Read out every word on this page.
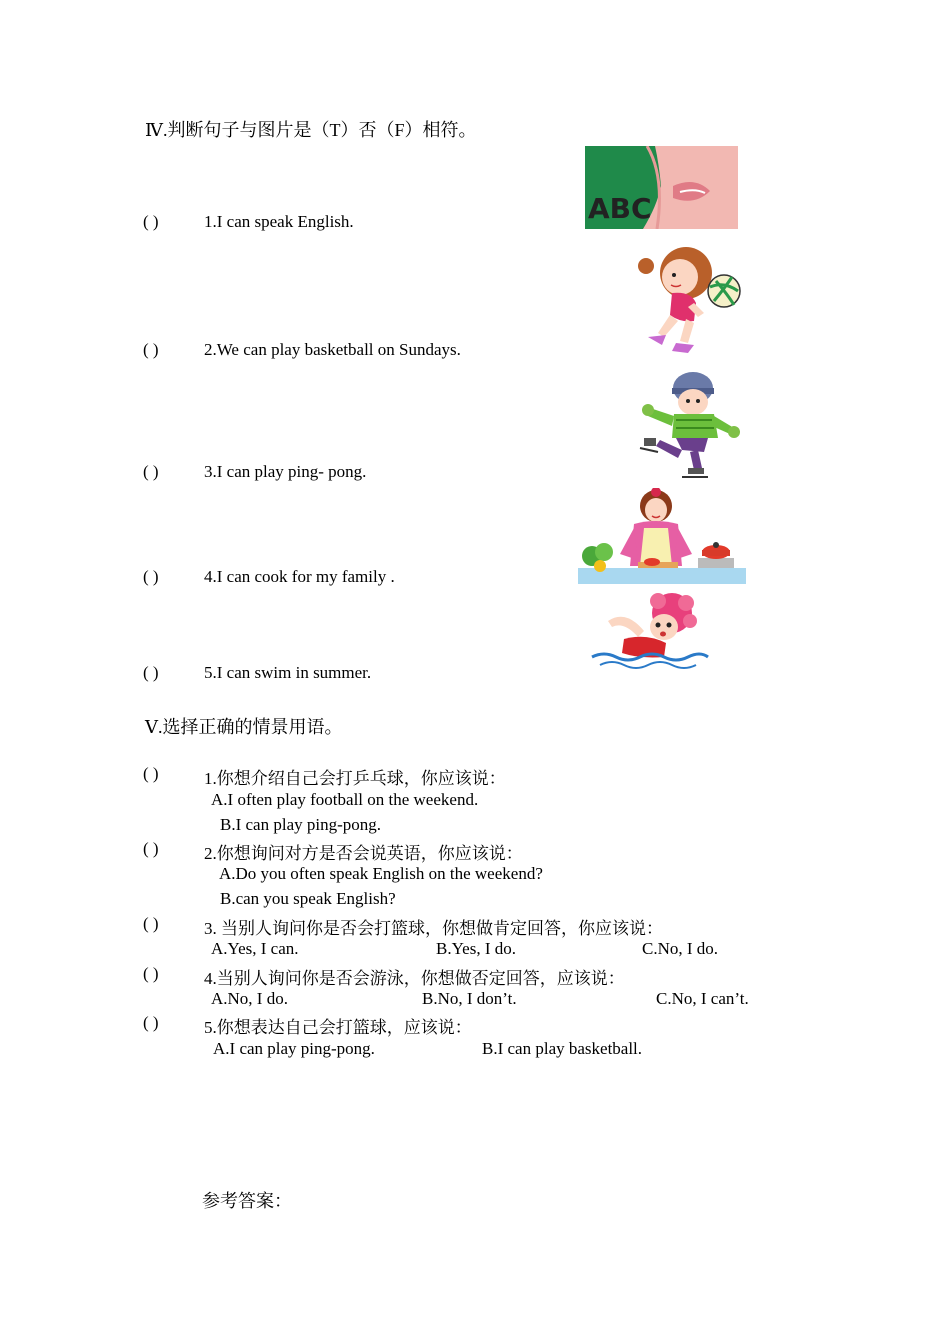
Ⅳ.判断句子与图片是（T）否（F）相符。
( )	1.I can speak English.
( )	2.We can play basketball on Sundays.
( )	3.I can play ping- pong.
( )	4.I can cook for my family .
( )	5.I can swim in summer.
ABC
Ⅴ.选择正确的情景用语。
( )	1.你想介绍自己会打乒乓球，你应该说：
A.I often play football on the weekend.
B.I can play ping-pong.
( )	2.你想询问对方是否会说英语，你应该说：
A.Do you often speak English on the weekend?
B.can you speak English?
( )	3. 当别人询问你是否会打篮球，你想做肯定回答，你应该说：
A.Yes, I can.	B.Yes, I do.	C.No, I do.
( )	4.当别人询问你是否会游泳，你想做否定回答，应该说：
A.No, I do.	B.No, I don’t.	C.No, I can’t.
( )	5.你想表达自己会打篮球，应该说：
A.I can play ping-pong.	B.I can play basketball.
参考答案：
